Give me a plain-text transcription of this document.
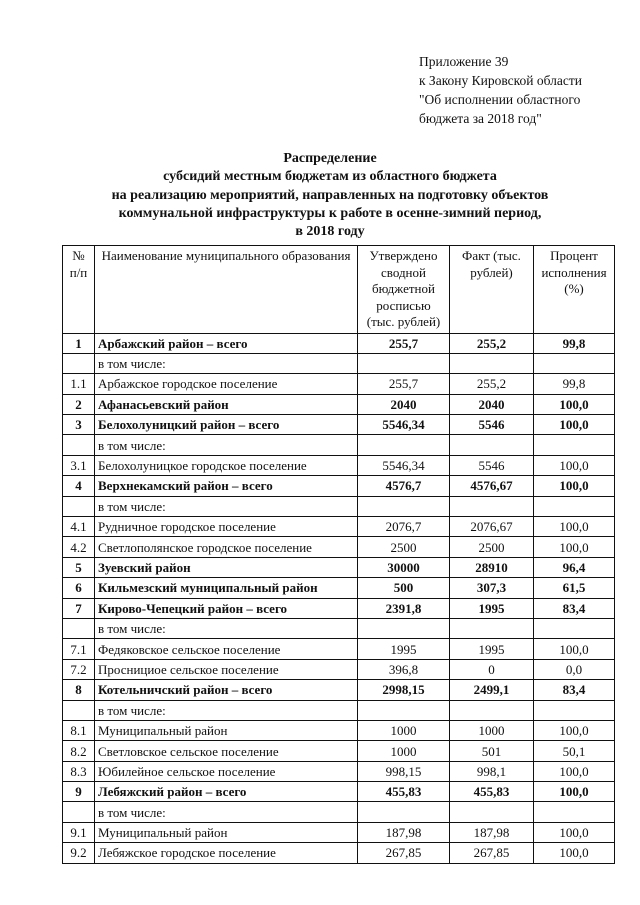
Приложение 39
к Закону Кировской области
"Об исполнении областного
бюджета за 2018 год"
Распределение
субсидий местным бюджетам из областного бюджета
на реализацию мероприятий, направленных на подготовку объектов
коммунальной инфраструктуры к работе в осенне-зимний период,
в 2018 году
№ п/п	Наименование муниципального образования	Утверждено сводной бюджетной росписью (тыс. рублей)	Факт (тыс. рублей)	Процент исполнения (%)
1	Арбажский район – всего	255,7	255,2	99,8
	в том числе:			
1.1	Арбажское городское поселение	255,7	255,2	99,8
2	Афанасьевский район	2040	2040	100,0
3	Белохолуницкий район – всего	5546,34	5546	100,0
	в том числе:			
3.1	Белохолуницкое городское поселение	5546,34	5546	100,0
4	Верхнекамский район – всего	4576,7	4576,67	100,0
	в том числе:			
4.1	Рудничное городское поселение	2076,7	2076,67	100,0
4.2	Светлополянское городское поселение	2500	2500	100,0
5	Зуевский район	30000	28910	96,4
6	Кильмезский муниципальный район	500	307,3	61,5
7	Кирово-Чепецкий район – всего	2391,8	1995	83,4
	в том числе:			
7.1	Федяковское сельское поселение	1995	1995	100,0
7.2	Проснициое сельское поселение	396,8	0	0,0
8	Котельничский район – всего	2998,15	2499,1	83,4
	в том числе:			
8.1	Муниципальный район	1000	1000	100,0
8.2	Светловское сельское поселение	1000	501	50,1
8.3	Юбилейное сельское поселение	998,15	998,1	100,0
9	Лебяжский район – всего	455,83	455,83	100,0
	в том числе:			
9.1	Муниципальный район	187,98	187,98	100,0
9.2	Лебяжское городское поселение	267,85	267,85	100,0
